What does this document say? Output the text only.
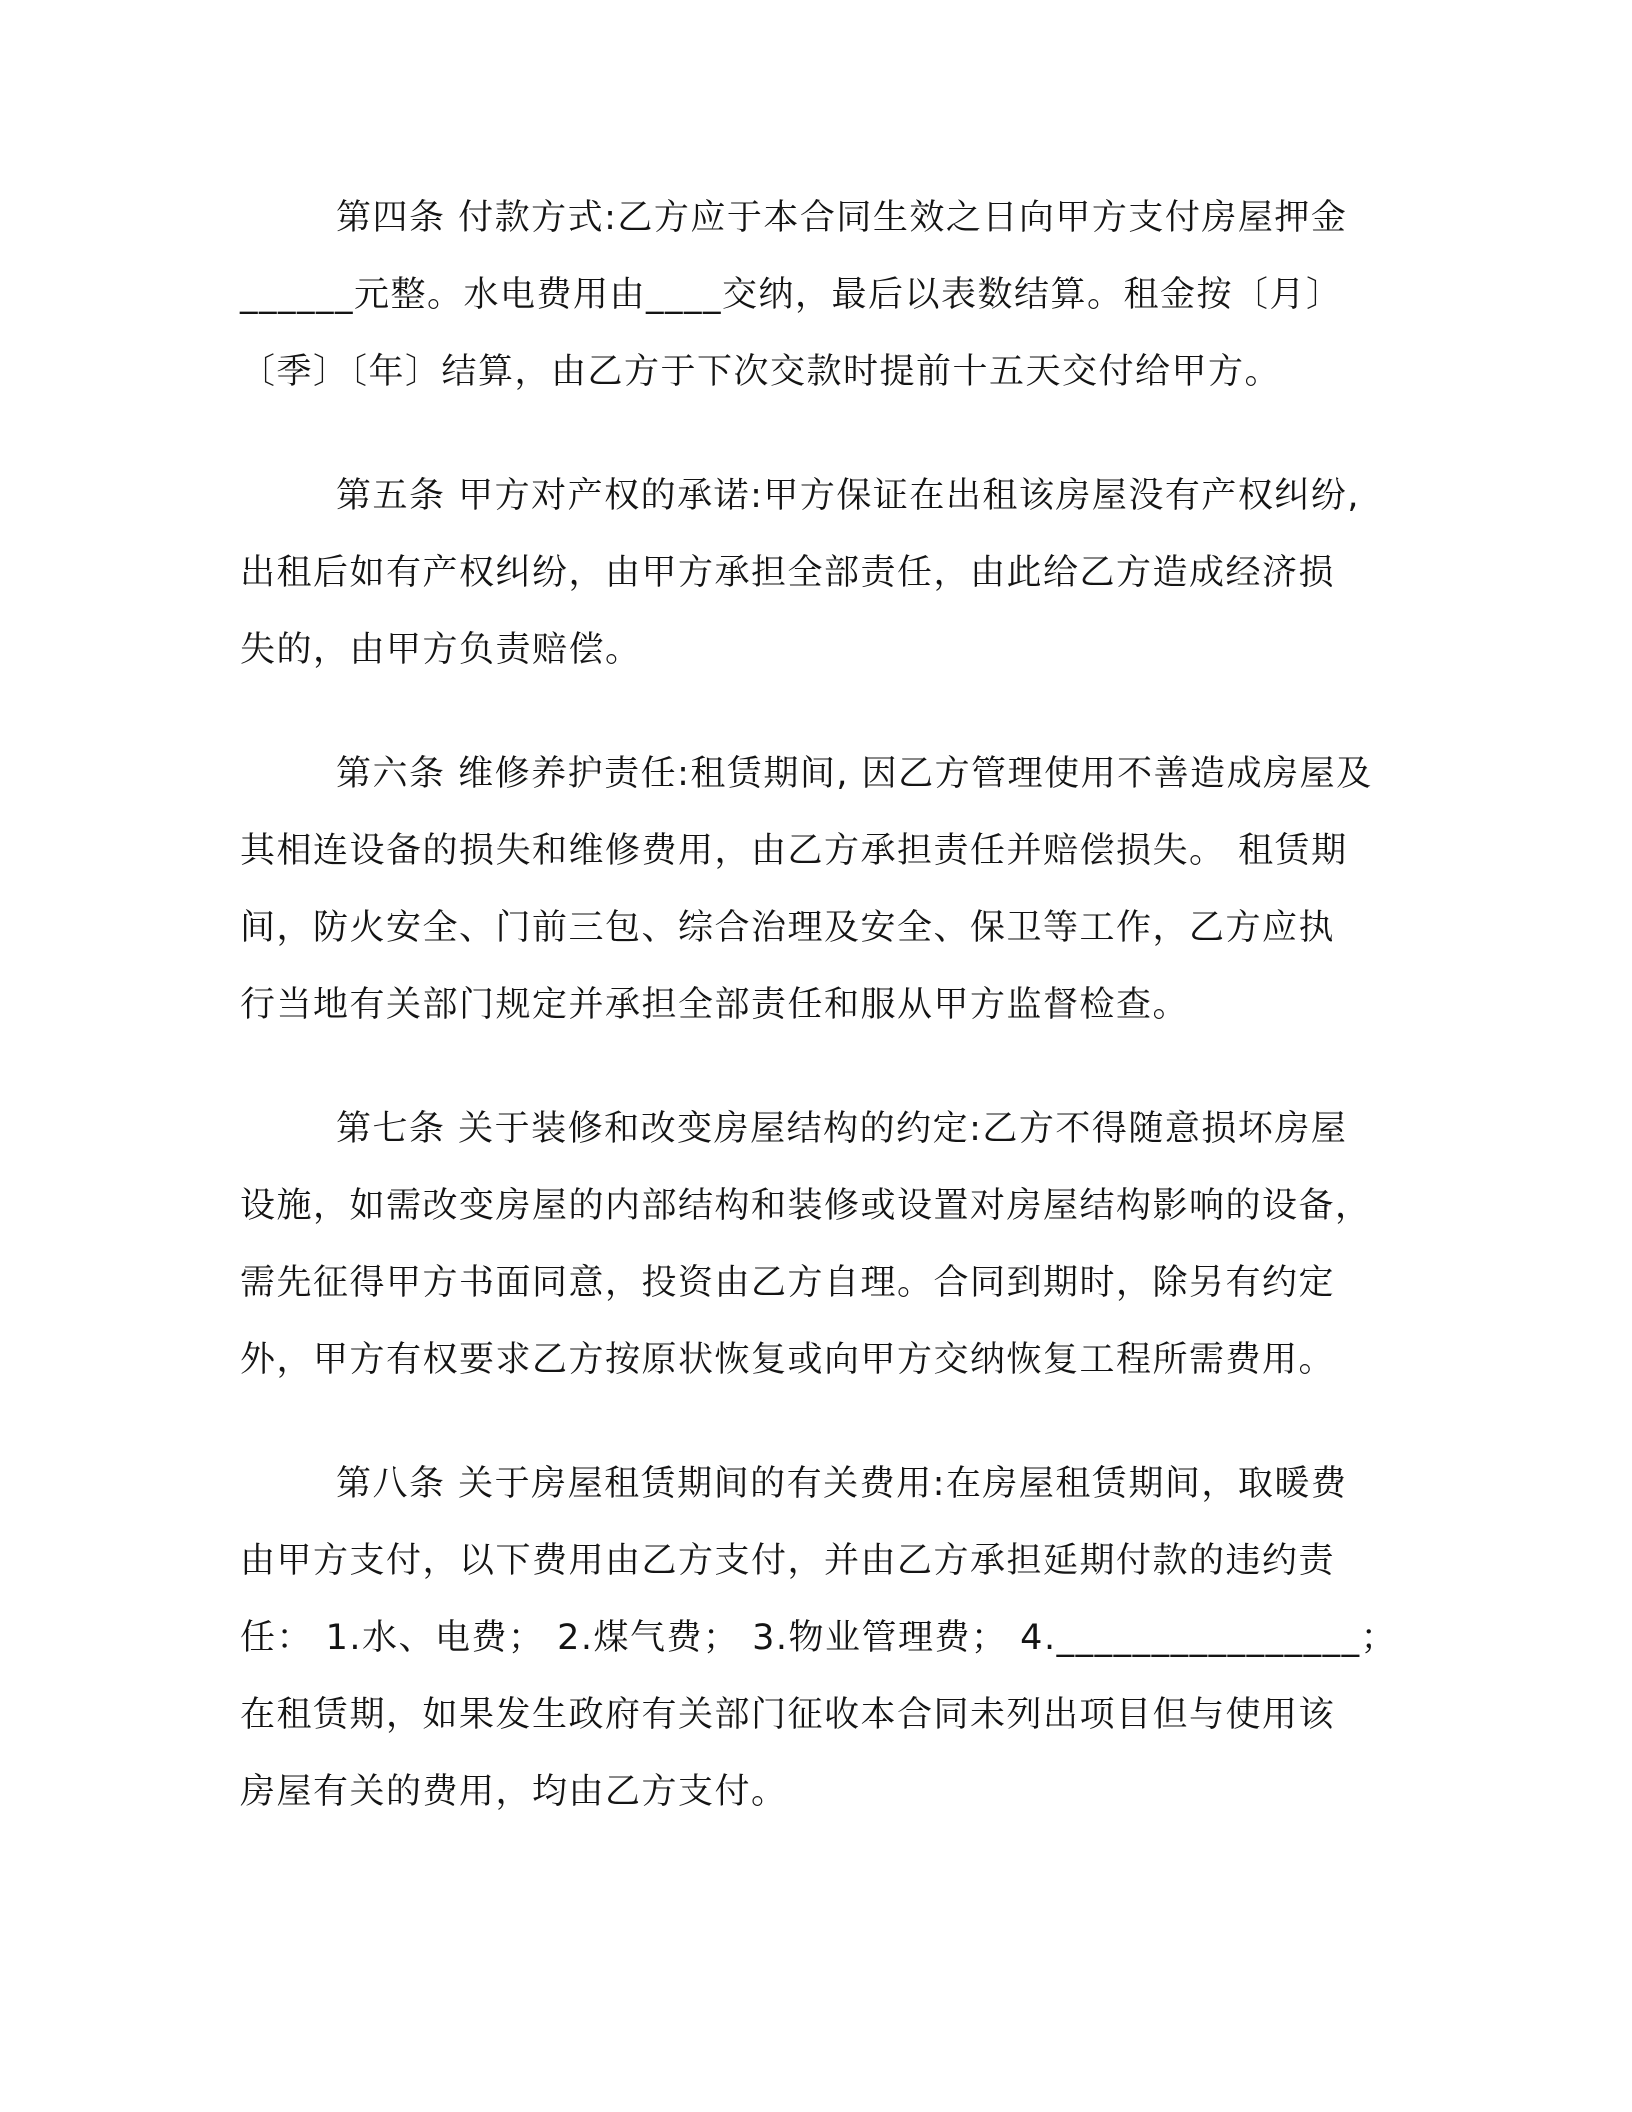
第四条 付款方式:乙方应于本合同生效之日向甲方支付房屋押金
______元整。水电费用由____交纳，最后以表数结算。租金按〔月〕
〔季〕〔年〕结算，由乙方于下次交款时提前十五天交付给甲方。

第五条 甲方对产权的承诺:甲方保证在出租该房屋没有产权纠纷,
出租后如有产权纠纷，由甲方承担全部责任，由此给乙方造成经济损
失的，由甲方负责赔偿。

第六条 维修养护责任:租赁期间, 因乙方管理使用不善造成房屋及
其相连设备的损失和维修费用，由乙方承担责任并赔偿损失。 租赁期
间，防火安全、门前三包、综合治理及安全、保卫等工作，乙方应执
行当地有关部门规定并承担全部责任和服从甲方监督检查。

第七条 关于装修和改变房屋结构的约定:乙方不得随意损坏房屋
设施，如需改变房屋的内部结构和装修或设置对房屋结构影响的设备，
需先征得甲方书面同意，投资由乙方自理。合同到期时，除另有约定
外，甲方有权要求乙方按原状恢复或向甲方交纳恢复工程所需费用。

第八条 关于房屋租赁期间的有关费用:在房屋租赁期间，取暖费
由甲方支付，以下费用由乙方支付，并由乙方承担延期付款的违约责
任： 1.水、电费； 2.煤气费； 3.物业管理费； 4.________________；
在租赁期，如果发生政府有关部门征收本合同未列出项目但与使用该
房屋有关的费用，均由乙方支付。
